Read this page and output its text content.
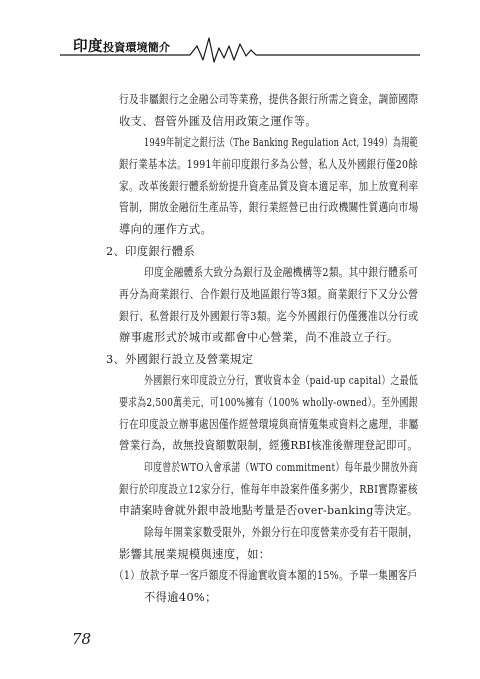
印度投資環境簡介

行及非屬銀行之金融公司等業務，提供各銀行所需之資金，調節國際

收支、督管外匯及信用政策之運作等。

1949年制定之銀行法（The Banking Regulation Act, 1949）為規範

銀行業基本法。1991年前印度銀行多為公營，私人及外國銀行僅20餘

家。改革後銀行體系紛紛提升資產品質及資本適足率，加上放寬利率

管制，開放金融衍生產品等，銀行業經營已由行政機關性質邁向市場

導向的運作方式。

2、印度銀行體系

印度金融體系大致分為銀行及金融機構等2類。其中銀行體系可

再分為商業銀行、合作銀行及地區銀行等3類。商業銀行下又分公營

銀行、私營銀行及外國銀行等3類。迄今外國銀行仍僅獲准以分行或

辦事處形式於城市或都會中心營業，尚不准設立子行。

3、外國銀行設立及營業規定

外國銀行來印度設立分行，實收資本金（paid-up capital）之最低

要求為2,500萬美元，可100%擁有（100% wholly-owned）。至外國銀

行在印度設立辦事處因僅作經營環境與商情蒐集或資料之處理，非屬

營業行為，故無投資額數限制，經獲RBI核准後辦理登記即可。

印度曾於WTO入會承諾（WTO commitment）每年最少開放外商

銀行於印度設立12家分行，惟每年申設案件僅多粥少，RBI實際審核

申請案時會就外銀申設地點考量是否over-banking等決定。

除每年開業家數受限外，外銀分行在印度營業亦受有若干限制，

影響其展業規模與速度，如：

（1）放款予單一客戶額度不得逾實收資本額的15%。予單一集團客戶

不得逾40%；

78
